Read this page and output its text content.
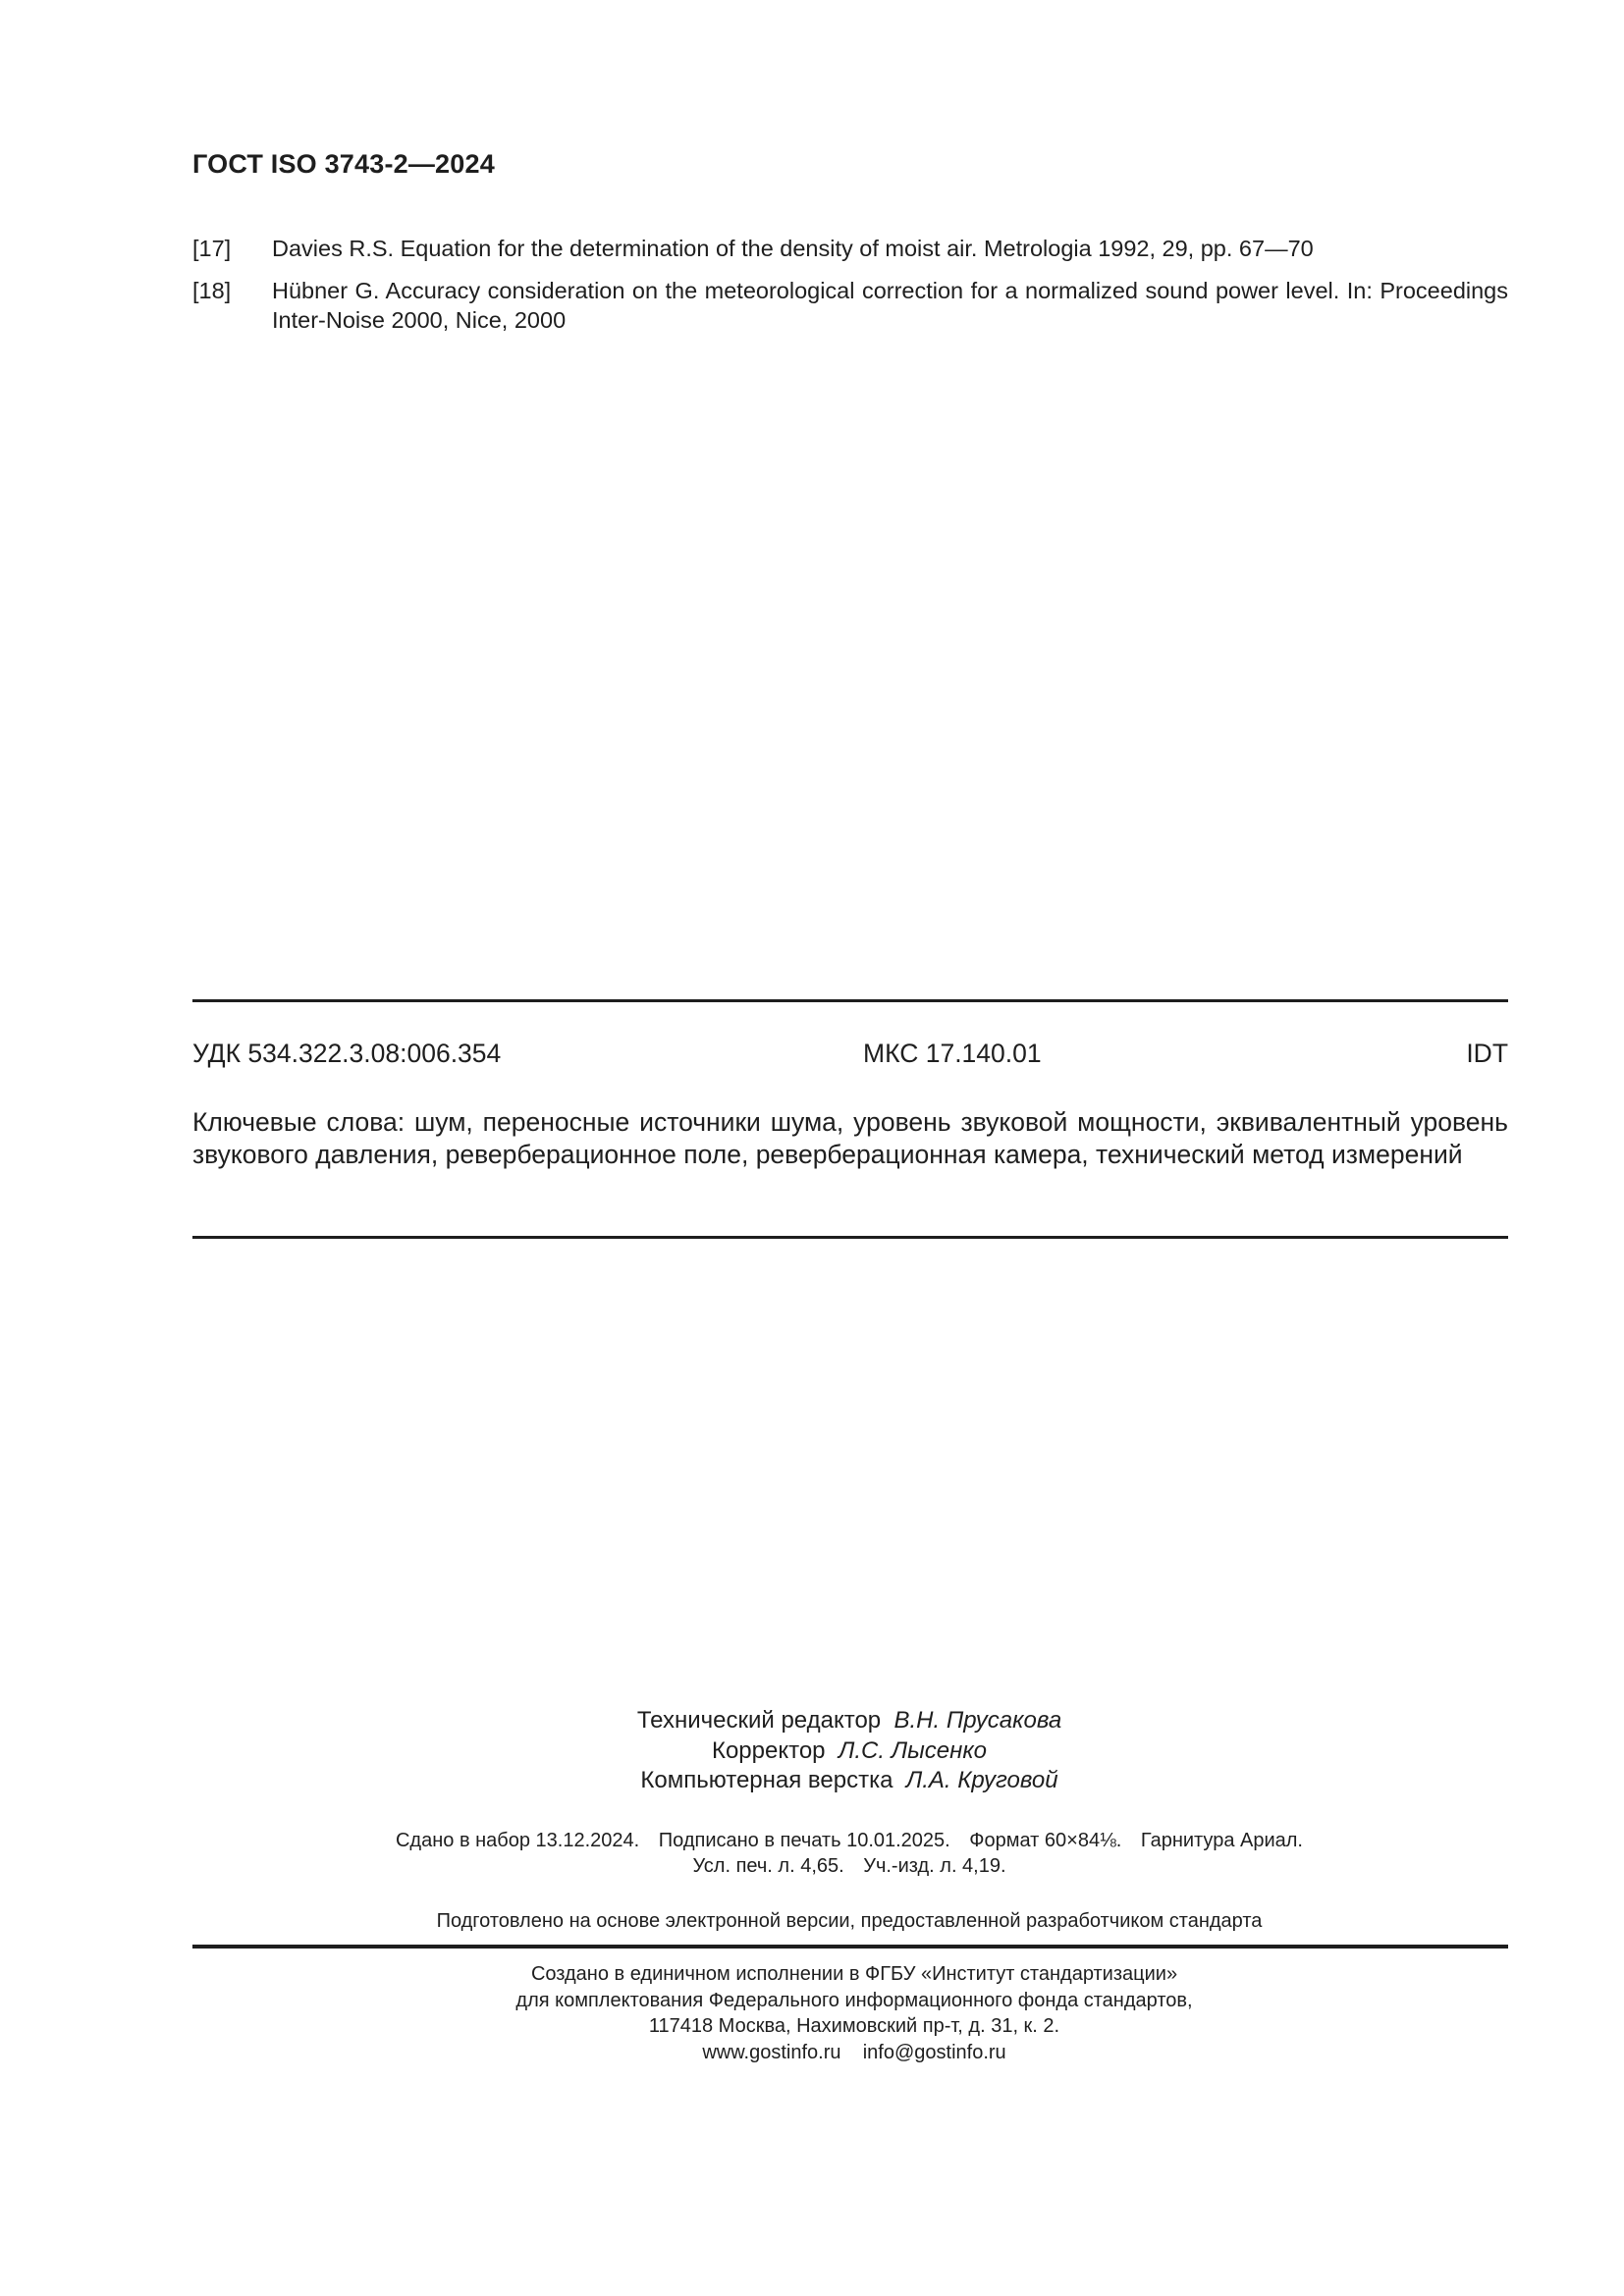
ГОСТ ISO 3743-2—2024
[17]	Davies R.S. Equation for the determination of the density of moist air. Metrologia 1992, 29, pp. 67—70
[18]	Hübner G. Accuracy consideration on the meteorological correction for a normalized sound power level. In: Proceedings Inter-Noise 2000, Nice, 2000
УДК 534.322.3.08:006.354	МКС 17.140.01	IDT
Ключевые слова: шум, переносные источники шума, уровень звуковой мощности, эквивалентный уровень звукового давления, реверберационное поле, реверберационная камера, технический метод измерений
Технический редактор В.Н. Прусакова
Корректор Л.С. Лысенко
Компьютерная верстка Л.А. Круговой
Сдано в набор 13.12.2024. Подписано в печать 10.01.2025. Формат 60×84⅛. Гарнитура Ариал.
Усл. печ. л. 4,65. Уч.-изд. л. 4,19.
Подготовлено на основе электронной версии, предоставленной разработчиком стандарта
Создано в единичном исполнении в ФГБУ «Институт стандартизации»
для комплектования Федерального информационного фонда стандартов,
117418 Москва, Нахимовский пр-т, д. 31, к. 2.
www.gostinfo.ru info@gostinfo.ru
